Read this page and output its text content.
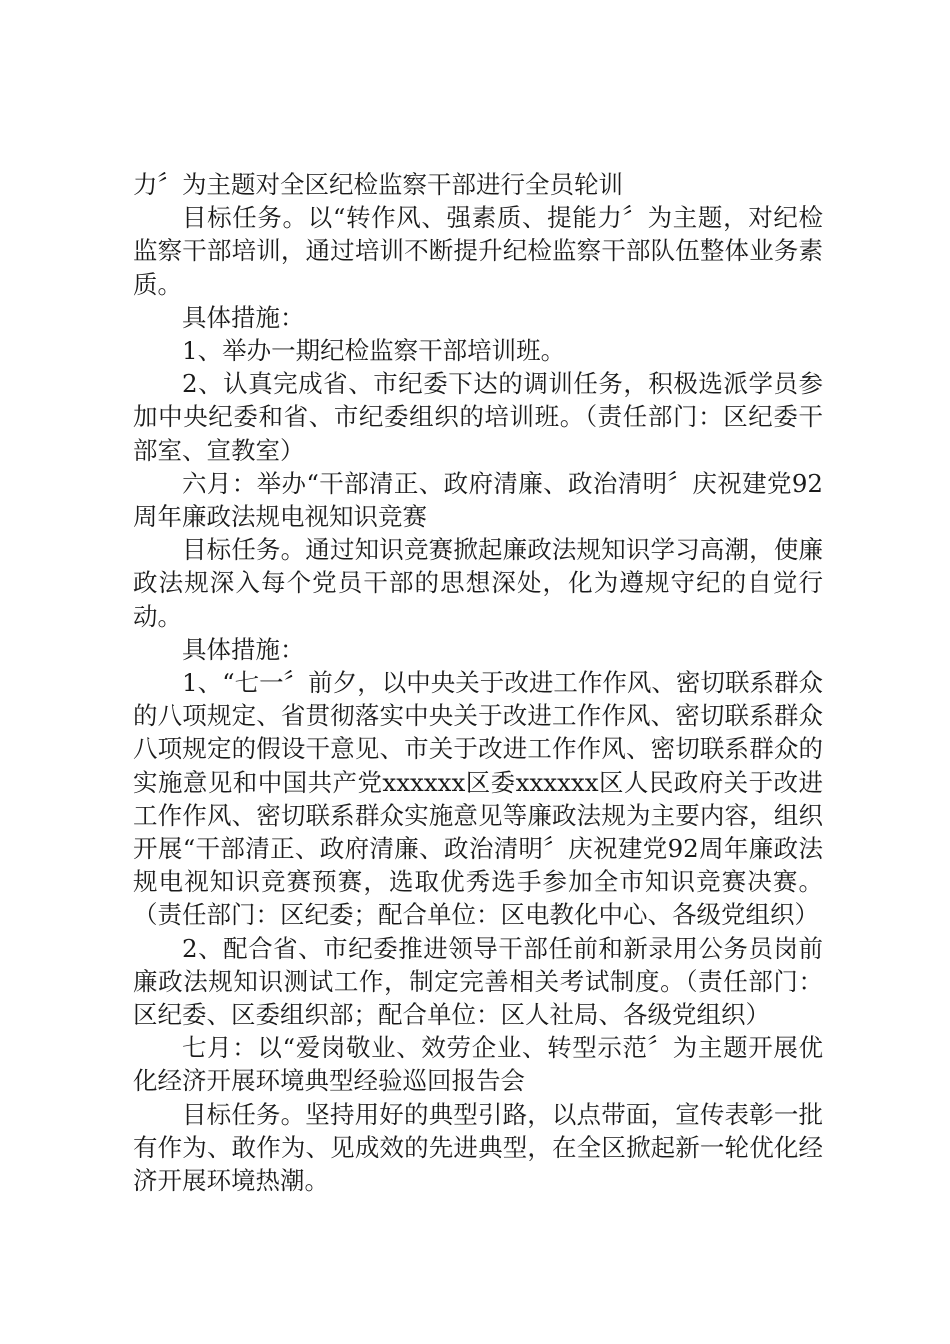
力〞为主题对全区纪检监察干部进行全员轮训

目标任务。以“转作风、强素质、提能力〞为主题，对纪检监察干部培训，通过培训不断提升纪检监察干部队伍整体业务素质。

具体措施：

1、举办一期纪检监察干部培训班。

2、认真完成省、市纪委下达的调训任务，积极选派学员参加中央纪委和省、市纪委组织的培训班。（责任部门：区纪委干部室、宣教室）

六月：举办“干部清正、政府清廉、政治清明〞庆祝建党92周年廉政法规电视知识竞赛

目标任务。通过知识竞赛掀起廉政法规知识学习高潮，使廉政法规深入每个党员干部的思想深处，化为遵规守纪的自觉行动。

具体措施：

1、“七一〞前夕，以中央关于改进工作作风、密切联系群众的八项规定、省贯彻落实中央关于改进工作作风、密切联系群众八项规定的假设干意见、市关于改进工作作风、密切联系群众的实施意见和中国共产党xxxxxx区委xxxxxx区人民政府关于改进工作作风、密切联系群众实施意见等廉政法规为主要内容，组织开展“干部清正、政府清廉、政治清明〞庆祝建党92周年廉政法规电视知识竞赛预赛，选取优秀选手参加全市知识竞赛决赛。（责任部门：区纪委；配合单位：区电教化中心、各级党组织）

2、配合省、市纪委推进领导干部任前和新录用公务员岗前廉政法规知识测试工作，制定完善相关考试制度。（责任部门：区纪委、区委组织部；配合单位：区人社局、各级党组织）

七月：以“爱岗敬业、效劳企业、转型示范〞为主题开展优化经济开展环境典型经验巡回报告会

目标任务。坚持用好的典型引路，以点带面，宣传表彰一批有作为、敢作为、见成效的先进典型，在全区掀起新一轮优化经济开展环境热潮。
